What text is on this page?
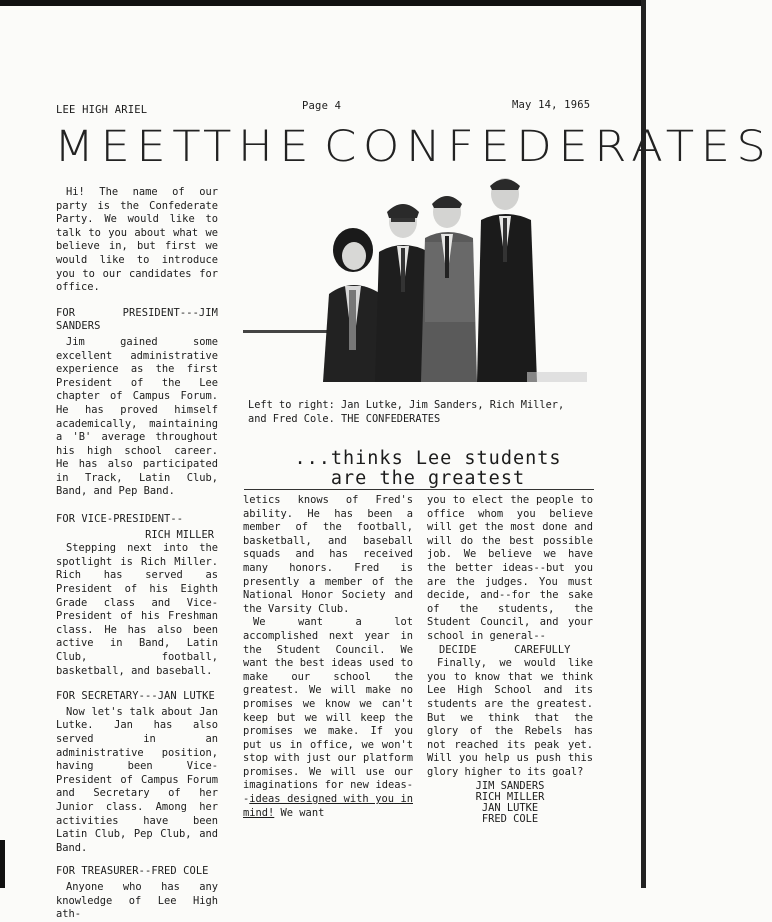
LEE HIGH ARIEL	Page 4	May 14, 1965
MEET
THE CONFEDERATES

Hi! The name of our party is the Confederate Party. We would like to talk to you about what we believe in, but first we would like to introduce you to our candidates for office.

FOR PRESIDENT---JIM SANDERS

Jim gained some excellent administrative experience as the first President of the Lee chapter of Campus Forum. He has proved himself academically, maintaining a 'B' average throughout his high school career. He has also participated in Track, Latin Club, Band, and Pep Band.

FOR VICE-PRESIDENT--

RICH MILLER

Stepping next into the spotlight is Rich Miller. Rich has served as President of his Eighth Grade class and Vice-President of his Freshman class. He has also been active in Band, Latin Club, football, basketball, and baseball.

FOR SECRETARY---JAN LUTKE

Now let's talk about Jan Lutke. Jan has also served in an administrative position, having been Vice-President of Campus Forum and Secretary of her Junior class. Among her activities have been Latin Club, Pep Club, and Band.

FOR TREASURER--FRED COLE

Anyone who has any knowledge of Lee High ath-

Left to right: Jan Lutke, Jim Sanders, Rich Miller,
and Fred Cole. THE CONFEDERATES
...thinks Lee students
are the greatest

letics knows of Fred's ability. He has been a member of the football, basketball, and baseball squads and has received many honors. Fred is presently a member of the National Honor Society and the Varsity Club.

We want a lot accomplished next year in the Student Council. We want the best ideas used to make our school the greatest. We will make no promises we know we can't keep but we will keep the promises we make. If you put us in office, we won't stop with just our platform promises. We will use our imaginations for new ideas--ideas designed with you in mind! We want

you to elect the people to office whom you believe will get the most done and will do the best possible job. We believe we have the better ideas--but you are the judges. You must decide, and--for the sake of the students, the Student Council, and your school in general--

DECIDE      CAREFULLY

Finally, we would like you to know that we think Lee High School and its students are the greatest. But we think that the glory of the Rebels has not reached its peak yet. Will you help us push this glory higher to its goal?

JIM SANDERS
RICH MILLER
JAN LUTKE
FRED COLE
